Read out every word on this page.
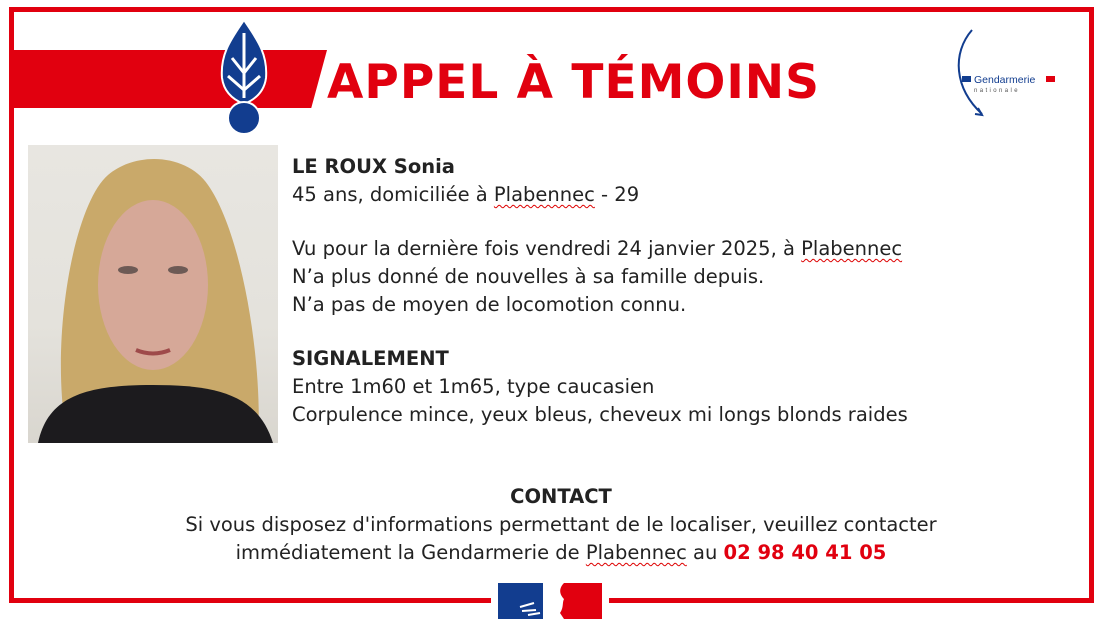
APPEL À TÉMOINS	Gendarmerie
nationale

LE ROUX Sonia

45 ans, domiciliée à Plabennec - 29

Vu pour la dernière fois vendredi 24 janvier 2025, à Plabennec

N’a plus donné de nouvelles à sa famille depuis.

N’a pas de moyen de locomotion connu.

SIGNALEMENT

Entre 1m60 et 1m65, type caucasien

Corpulence mince, yeux bleus, cheveux mi longs blonds raides

CONTACT
Si vous disposez d'informations permettant de le localiser, veuillez contacter
immédiatement la Gendarmerie de Plabennec au 02 98 40 41 05
